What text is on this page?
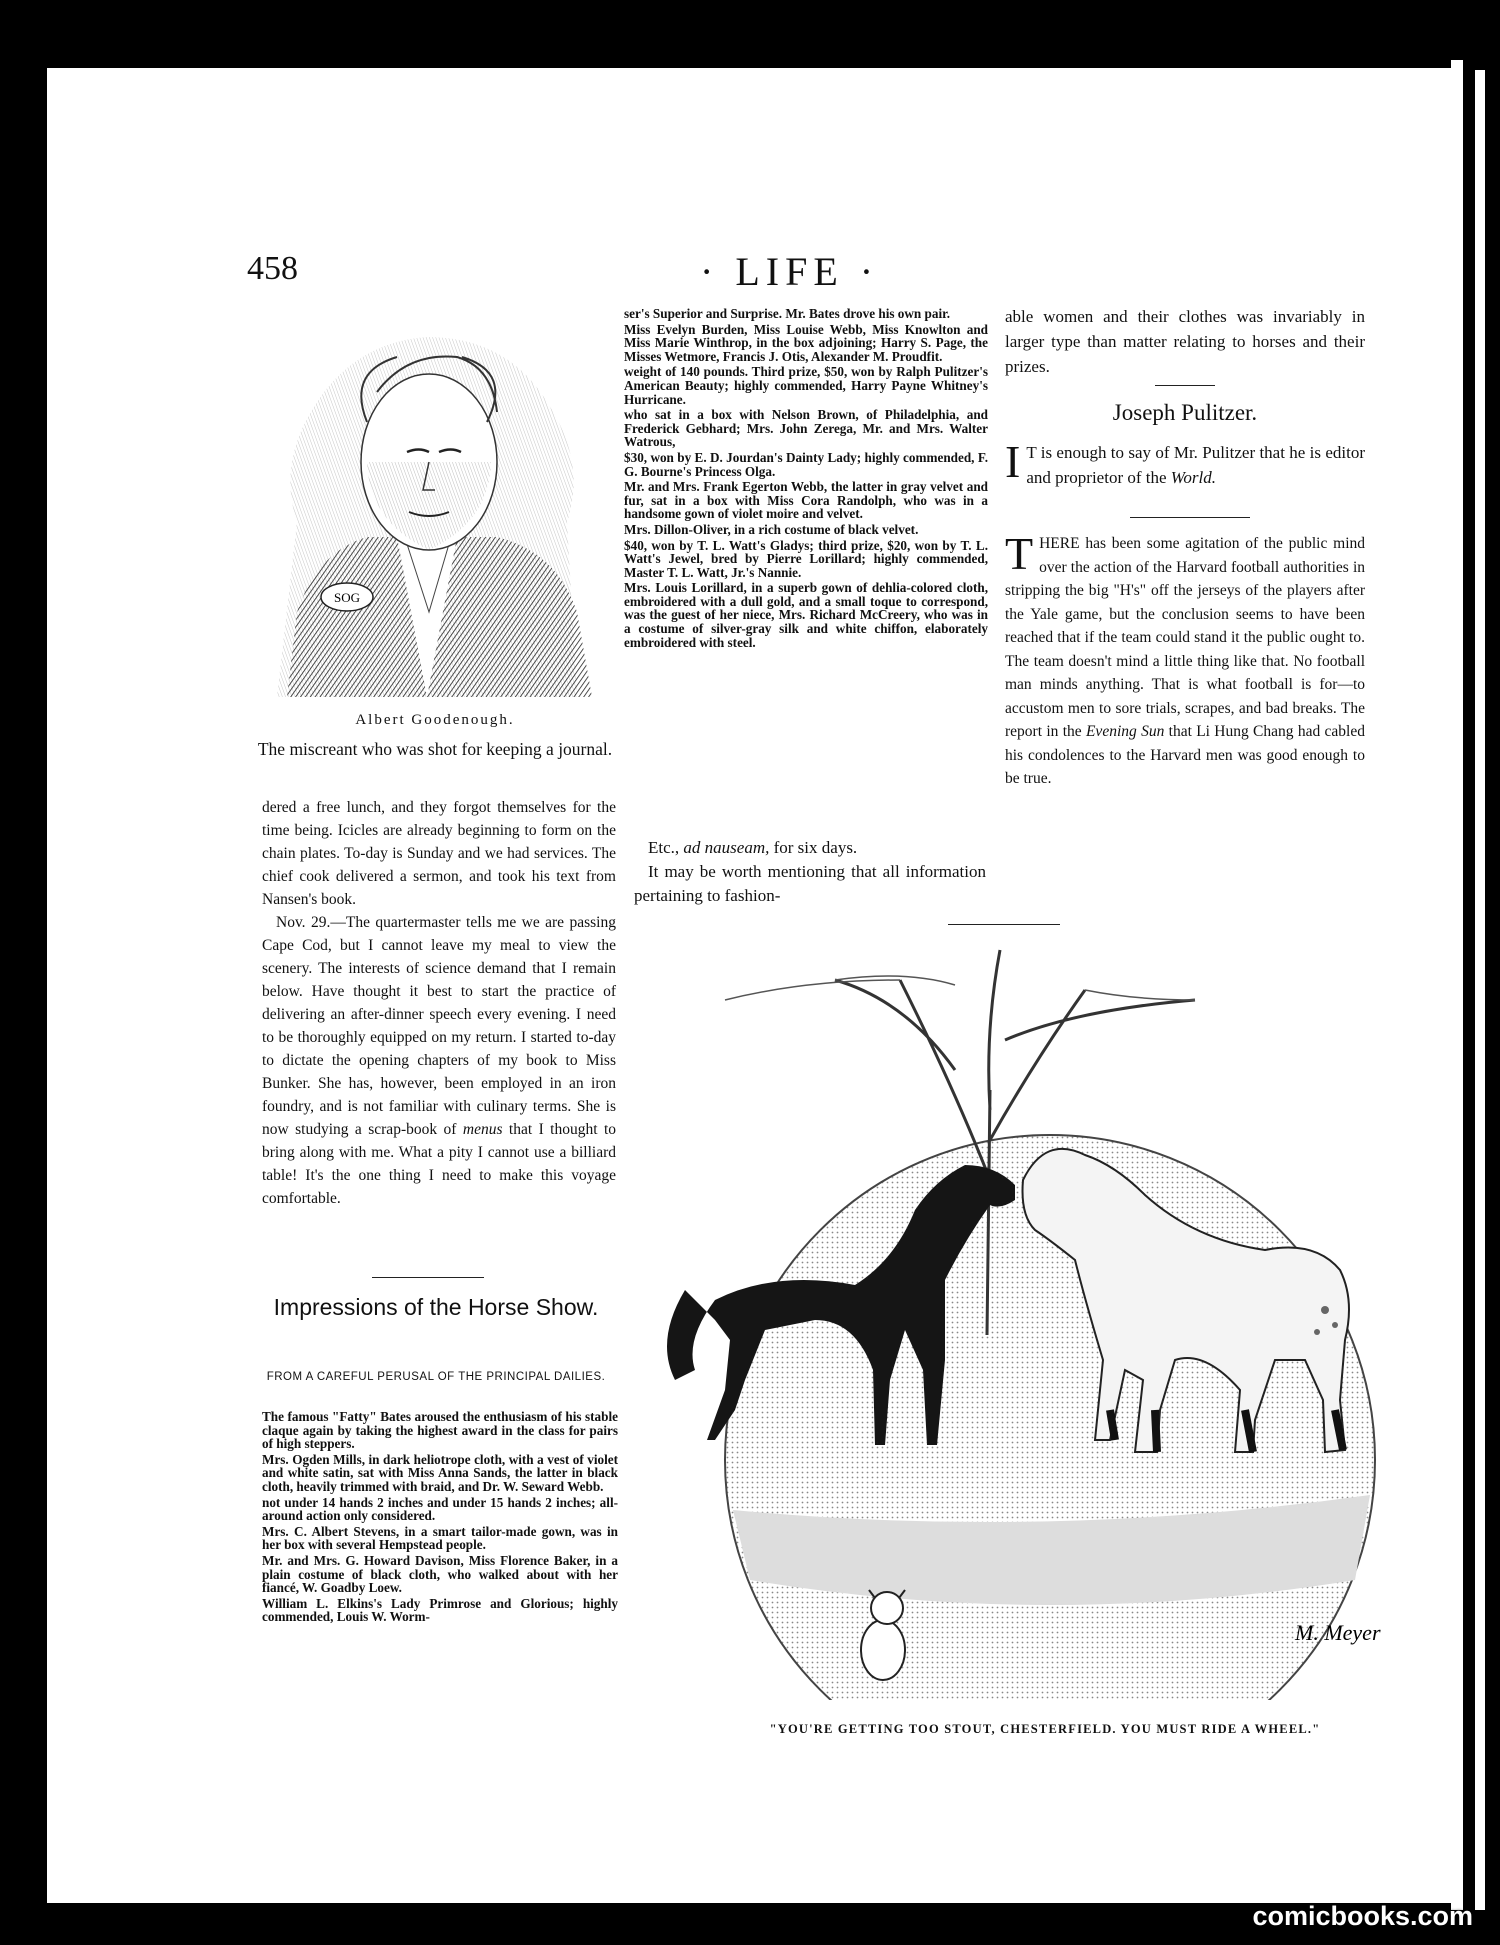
458	· LIFE ·
SOG
Albert Goodenough.
The miscreant who was shot for keeping a journal.

dered a free lunch, and they forgot themselves for the time being. Icicles are already beginning to form on the chain plates. To-day is Sunday and we had services. The chief cook delivered a sermon, and took his text from Nansen's book.

Nov. 29.—The quartermaster tells me we are passing Cape Cod, but I cannot leave my meal to view the scenery. The interests of science demand that I remain below. Have thought it best to start the practice of delivering an after-dinner speech every evening. I need to be thoroughly equipped on my return. I started to-day to dictate the opening chapters of my book to Miss Bunker. She has, however, been employed in an iron foundry, and is not familiar with culinary terms. She is now studying a scrap-book of menus that I thought to bring along with me. What a pity I cannot use a billiard table! It's the one thing I need to make this voyage comfortable.

Impressions of the Horse Show.
FROM A CAREFUL PERUSAL OF THE PRINCIPAL DAILIES.

The famous "Fatty" Bates aroused the enthusiasm of his stable claque again by taking the highest award in the class for pairs of high steppers.

Mrs. Ogden Mills, in dark heliotrope cloth, with a vest of violet and white satin, sat with Miss Anna Sands, the latter in black cloth, heavily trimmed with braid, and Dr. W. Seward Webb.

not under 14 hands 2 inches and under 15 hands 2 inches; all-around action only considered.

Mrs. C. Albert Stevens, in a smart tailor-made gown, was in her box with several Hempstead people.

Mr. and Mrs. G. Howard Davison, Miss Florence Baker, in a plain costume of black cloth, who walked about with her fiancé, W. Goadby Loew.

William L. Elkins's Lady Primrose and Glorious; highly commended, Louis W. Worm-

ser's Superior and Surprise. Mr. Bates drove his own pair.

Miss Evelyn Burden, Miss Louise Webb, Miss Knowlton and Miss Marie Winthrop, in the box adjoining; Harry S. Page, the Misses Wetmore, Francis J. Otis, Alexander M. Proudfit.

weight of 140 pounds. Third prize, $50, won by Ralph Pulitzer's American Beauty; highly commended, Harry Payne Whitney's Hurricane.

who sat in a box with Nelson Brown, of Philadelphia, and Frederick Gebhard; Mrs. John Zerega, Mr. and Mrs. Walter Watrous,

$30, won by E. D. Jourdan's Dainty Lady; highly commended, F. G. Bourne's Princess Olga.

Mr. and Mrs. Frank Egerton Webb, the latter in gray velvet and fur, sat in a box with Miss Cora Randolph, who was in a handsome gown of violet moire and velvet.

Mrs. Dillon-Oliver, in a rich costume of black velvet.

$40, won by T. L. Watt's Gladys; third prize, $20, won by T. L. Watt's Jewel, bred by Pierre Lorillard; highly commended, Master T. L. Watt, Jr.'s Nannie.

Mrs. Louis Lorillard, in a superb gown of dehlia-colored cloth, embroidered with a dull gold, and a small toque to correspond, was the guest of her niece, Mrs. Richard McCreery, who was in a costume of silver-gray silk and white chiffon, elaborately embroidered with steel.

Etc., ad nauseam, for six days.

It may be worth mentioning that all information pertaining to fashion-

able women and their clothes was invariably in larger type than matter relating to horses and their prizes.
Joseph Pulitzer.
I T is enough to say of Mr. Pulitzer that he is editor and proprietor of the World.
THERE has been some agitation of the public mind over the action of the Harvard football authorities in stripping the big "H's" off the jerseys of the players after the Yale game, but the conclusion seems to have been reached that if the team could stand it the public ought to. The team doesn't mind a little thing like that. No football man minds anything. That is what football is for—to accustom men to sore trials, scrapes, and bad breaks. The report in the Evening Sun that Li Hung Chang had cabled his condolences to the Harvard men was good enough to be true.
M. Meyer
"YOU'RE GETTING TOO STOUT, CHESTERFIELD. YOU MUST RIDE A WHEEL."
comicbooks.com
